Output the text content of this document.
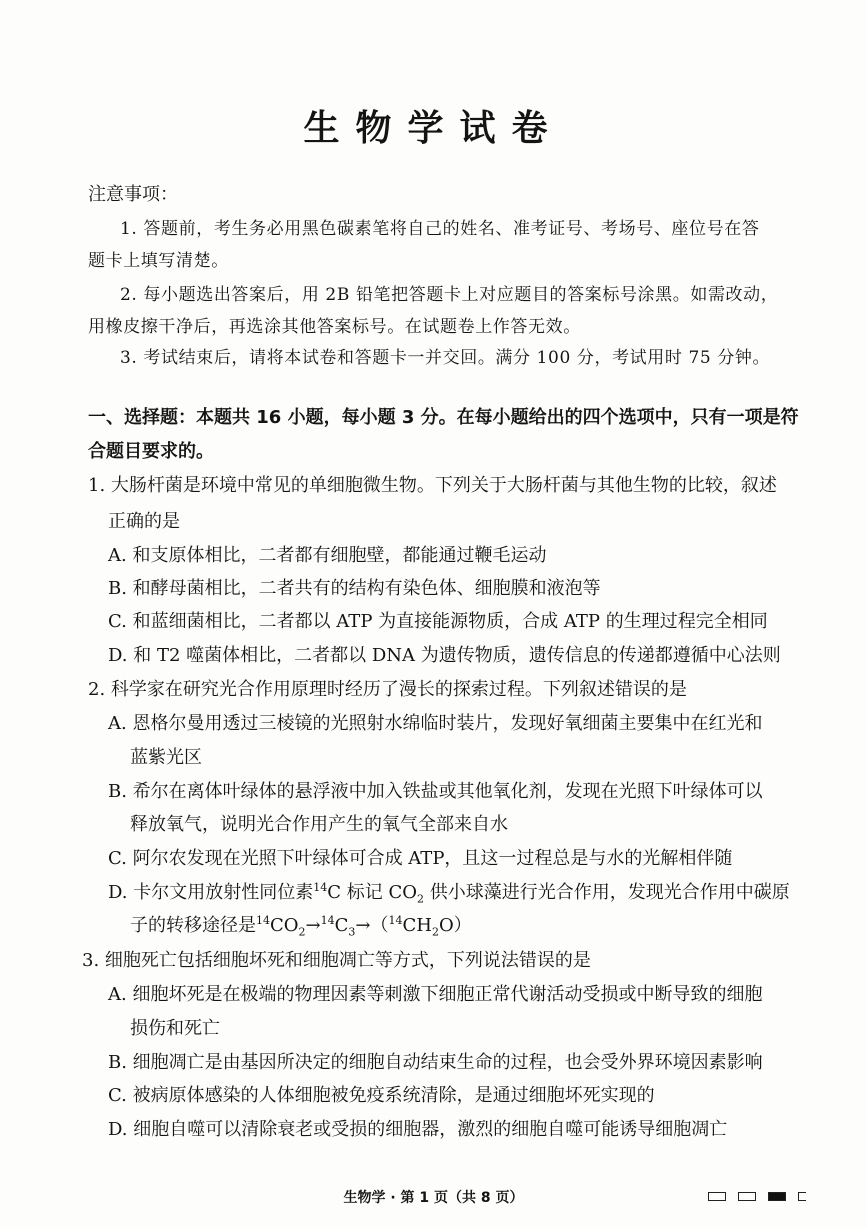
生物学试卷
注意事项：
1. 答题前，考生务必用黑色碳素笔将自己的姓名、准考证号、考场号、座位号在答
题卡上填写清楚。
2. 每小题选出答案后，用 2B 铅笔把答题卡上对应题目的答案标号涂黑。如需改动，
用橡皮擦干净后，再选涂其他答案标号。在试题卷上作答无效。
3. 考试结束后，请将本试卷和答题卡一并交回。满分 100 分，考试用时 75 分钟。
一、选择题：本题共 16 小题，每小题 3 分。在每小题给出的四个选项中，只有一项是符
合题目要求的。
1. 大肠杆菌是环境中常见的单细胞微生物。下列关于大肠杆菌与其他生物的比较，叙述
正确的是
A. 和支原体相比，二者都有细胞壁，都能通过鞭毛运动
B. 和酵母菌相比，二者共有的结构有染色体、细胞膜和液泡等
C. 和蓝细菌相比，二者都以 ATP 为直接能源物质，合成 ATP 的生理过程完全相同
D. 和 T2 噬菌体相比，二者都以 DNA 为遗传物质，遗传信息的传递都遵循中心法则
2. 科学家在研究光合作用原理时经历了漫长的探索过程。下列叙述错误的是
A. 恩格尔曼用透过三棱镜的光照射水绵临时装片，发现好氧细菌主要集中在红光和
蓝紫光区
B. 希尔在离体叶绿体的悬浮液中加入铁盐或其他氧化剂，发现在光照下叶绿体可以
释放氧气，说明光合作用产生的氧气全部来自水
C. 阿尔农发现在光照下叶绿体可合成 ATP，且这一过程总是与水的光解相伴随
D. 卡尔文用放射性同位素$^{14}$C 标记 $CO_2$ 供小球藻进行光合作用，发现光合作用中碳原
子的转移途径是$^{14}CO_2\to^{14}C_3\to(^{14}CH_2O)$
3. 细胞死亡包括细胞坏死和细胞凋亡等方式，下列说法错误的是
A. 细胞坏死是在极端的物理因素等刺激下细胞正常代谢活动受损或中断导致的细胞
损伤和死亡
B. 细胞凋亡是由基因所决定的细胞自动结束生命的过程，也会受外界环境因素影响
C. 被病原体感染的人体细胞被免疫系统清除，是通过细胞坏死实现的
D. 细胞自噬可以清除衰老或受损的细胞器，激烈的细胞自噬可能诱导细胞凋亡
生物学 · 第 1 页（共 8 页）
